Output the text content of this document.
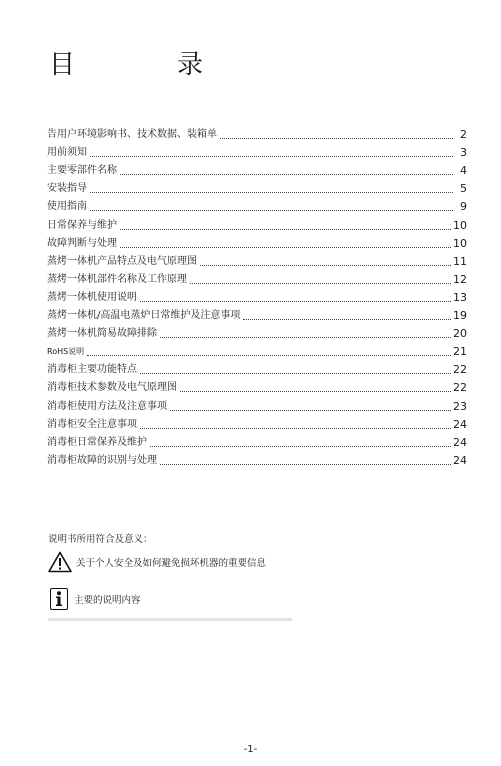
目　录
告用户环境影响书、技术数据、装箱单	2
用前须知	3
主要零部件名称	4
安装指导	5
使用指南	9
日常保养与维护	10
故障判断与处理	10
蒸烤一体机产品特点及电气原理图	11
蒸烤一体机部件名称及工作原理	12
蒸烤一体机使用说明	13
蒸烤一体机/高温电蒸炉日常维护及注意事项	19
蒸烤一体机简易故障排除	20
RoHS说明	21
消毒柜主要功能特点	22
消毒柜技术参数及电气原理图	22
消毒柜使用方法及注意事项	23
消毒柜安全注意事项	24
消毒柜日常保养及维护	24
消毒柜故障的识别与处理	24
说明书所用符合及意义：
关于个人安全及如何避免损坏机器的重要信息
主要的说明内容
-1-
